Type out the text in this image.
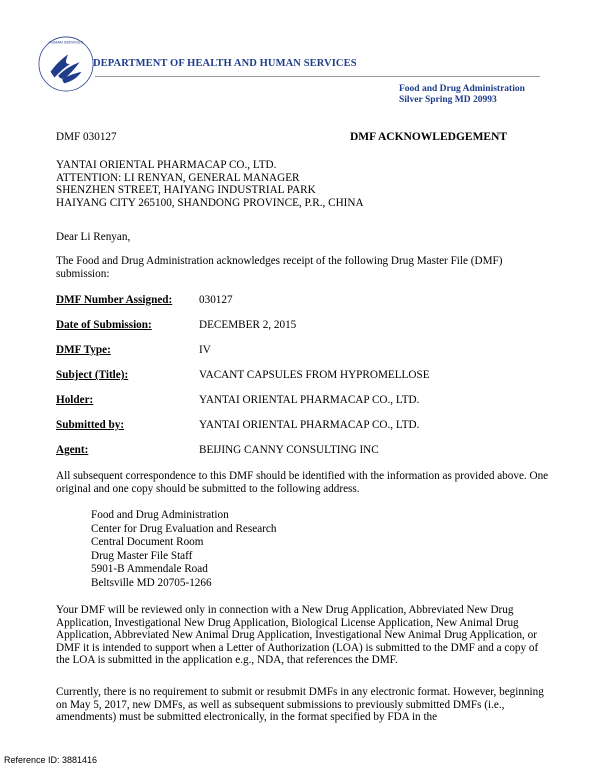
HUMAN SERVICES
DEPARTMENT OF HEALTH AND HUMAN SERVICES
Food and Drug Administration
Silver Spring MD 20993
DMF 030127	DMF ACKNOWLEDGEMENT
YANTAI ORIENTAL PHARMACAP CO., LTD.
ATTENTION: LI RENYAN, GENERAL MANAGER
SHENZHEN STREET, HAIYANG INDUSTRIAL PARK
HAIYANG CITY 265100, SHANDONG PROVINCE, P.R., CHINA
Dear Li Renyan,
The Food and Drug Administration acknowledges receipt of the following Drug Master File (DMF) submission:
DMF Number Assigned: 030127
Date of Submission:	DECEMBER 2, 2015
DMF Type:	IV
Subject (Title):	VACANT CAPSULES FROM HYPROMELLOSE
Holder:	YANTAI ORIENTAL PHARMACAP CO., LTD.
Submitted by:	YANTAI ORIENTAL PHARMACAP CO., LTD.
Agent:	BEIJING CANNY CONSULTING INC
All subsequent correspondence to this DMF should be identified with the information as provided above. One original and one copy should be submitted to the following address.
Food and Drug Administration
Center for Drug Evaluation and Research
Central Document Room
Drug Master File Staff
5901-B Ammendale Road
Beltsville MD 20705-1266
Your DMF will be reviewed only in connection with a New Drug Application, Abbreviated New Drug Application, Investigational New Drug Application, Biological License Application, New Animal Drug Application, Abbreviated New Animal Drug Application, Investigational New Animal Drug Application, or DMF it is intended to support when a Letter of Authorization (LOA) is submitted to the DMF and a copy of the LOA is submitted in the application e.g., NDA, that references the DMF.
Currently, there is no requirement to submit or resubmit DMFs in any electronic format. However, beginning on May 5, 2017, new DMFs, as well as subsequent submissions to previously submitted DMFs (i.e., amendments) must be submitted electronically, in the format specified by FDA in the
Reference ID: 3881416
